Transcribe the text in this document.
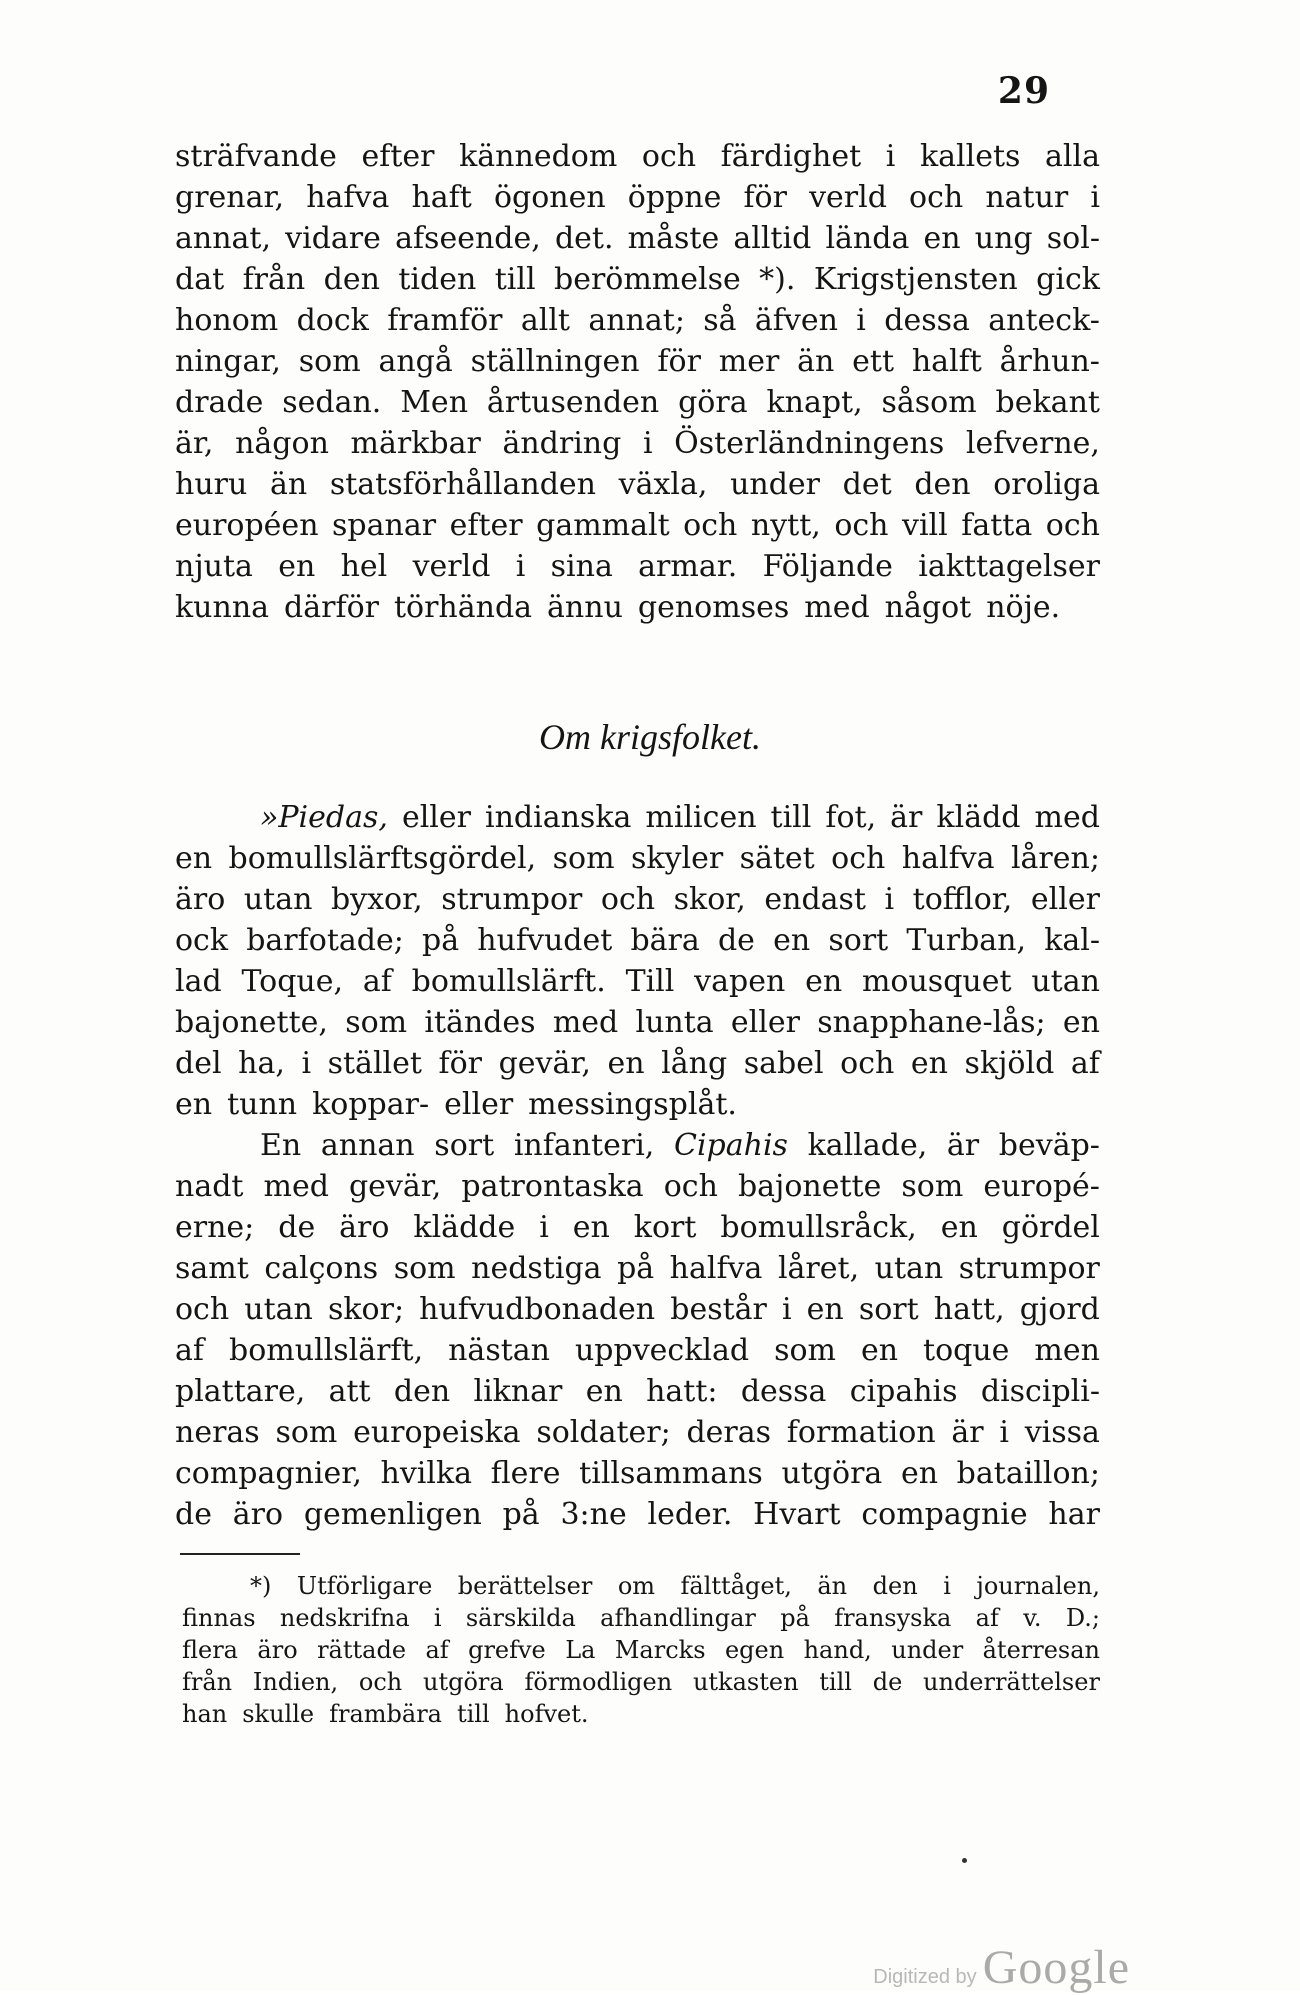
29
sträfvande efter kännedom och färdighet i kallets alla
grenar, hafva haft ögonen öppne för verld och natur i
annat, vidare afseende, det. måste alltid lända en ung sol-
dat från den tiden till berömmelse *). Krigstjensten gick
honom dock framför allt annat; så äfven i dessa anteck-
ningar, som angå ställningen för mer än ett halft århun-
drade sedan. Men årtusenden göra knapt, såsom bekant
är, någon märkbar ändring i Österländningens lefverne,
huru än statsförhållanden växla, under det den oroliga
européen spanar efter gammalt och nytt, och vill fatta och
njuta en hel verld i sina armar. Följande iakttagelser
kunna därför törhända ännu genomses med något nöje.
Om krigsfolket.
»Piedas, eller indianska milicen till fot, är klädd med
en bomullslärftsgördel, som skyler sätet och halfva låren;
äro utan byxor, strumpor och skor, endast i tofflor, eller
ock barfotade; på hufvudet bära de en sort Turban, kal-
lad Toque, af bomullslärft. Till vapen en mousquet utan
bajonette, som itändes med lunta eller snapphane-lås; en
del ha, i stället för gevär, en lång sabel och en skjöld af
en tunn koppar- eller messingsplåt.
En annan sort infanteri, Cipahis kallade, är beväp-
nadt med gevär, patrontaska och bajonette som europé-
erne; de äro klädde i en kort bomullsråck, en gördel
samt calçons som nedstiga på halfva låret, utan strumpor
och utan skor; hufvudbonaden består i en sort hatt, gjord
af bomullslärft, nästan uppvecklad som en toque men
plattare, att den liknar en hatt: dessa cipahis discipli-
neras som europeiska soldater; deras formation är i vissa
compagnier, hvilka flere tillsammans utgöra en bataillon;
de äro gemenligen på 3:ne leder. Hvart compagnie har
*) Utförligare berättelser om fälttåget, än den i journalen,
finnas nedskrifna i särskilda afhandlingar på fransyska af v. D.;
flera äro rättade af grefve La Marcks egen hand, under återresan
från Indien, och utgöra förmodligen utkasten till de underrättelser
han skulle frambära till hofvet.
Digitized by Google
